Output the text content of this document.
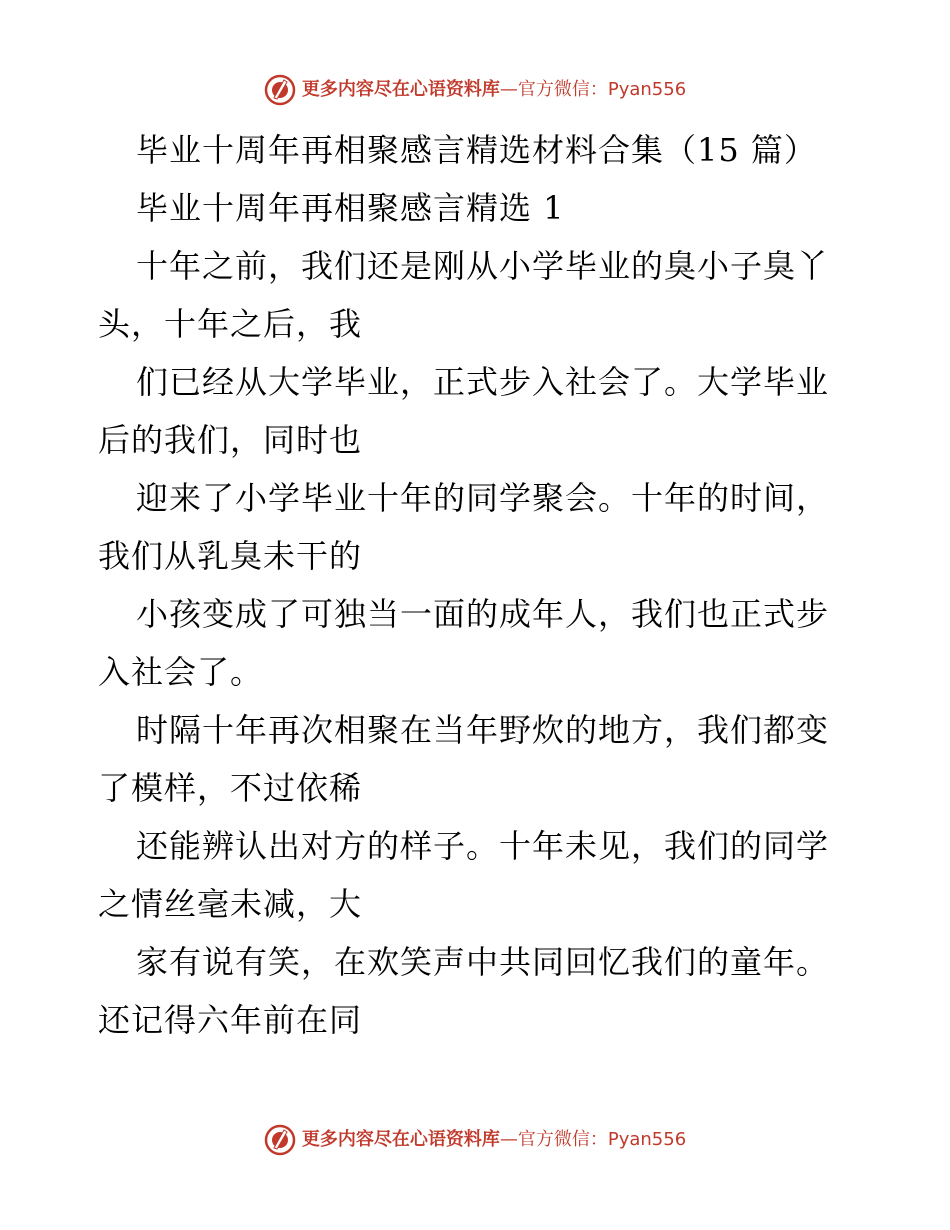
更多内容尽在心语资料库 — 官方微信： Pyan556
毕业十周年再相聚感言精选材料合集（15 篇）
毕业十周年再相聚感言精选 1
十年之前，我们还是刚从小学毕业的臭小子臭丫
头，十年之后，我
们已经从大学毕业，正式步入社会了。大学毕业
后的我们，同时也
迎来了小学毕业十年的同学聚会。十年的时间，
我们从乳臭未干的
小孩变成了可独当一面的成年人，我们也正式步
入社会了。
时隔十年再次相聚在当年野炊的地方，我们都变
了模样，不过依稀
还能辨认出对方的样子。十年未见，我们的同学
之情丝毫未减，大
家有说有笑，在欢笑声中共同回忆我们的童年。
还记得六年前在同
更多内容尽在心语资料库 — 官方微信： Pyan556
